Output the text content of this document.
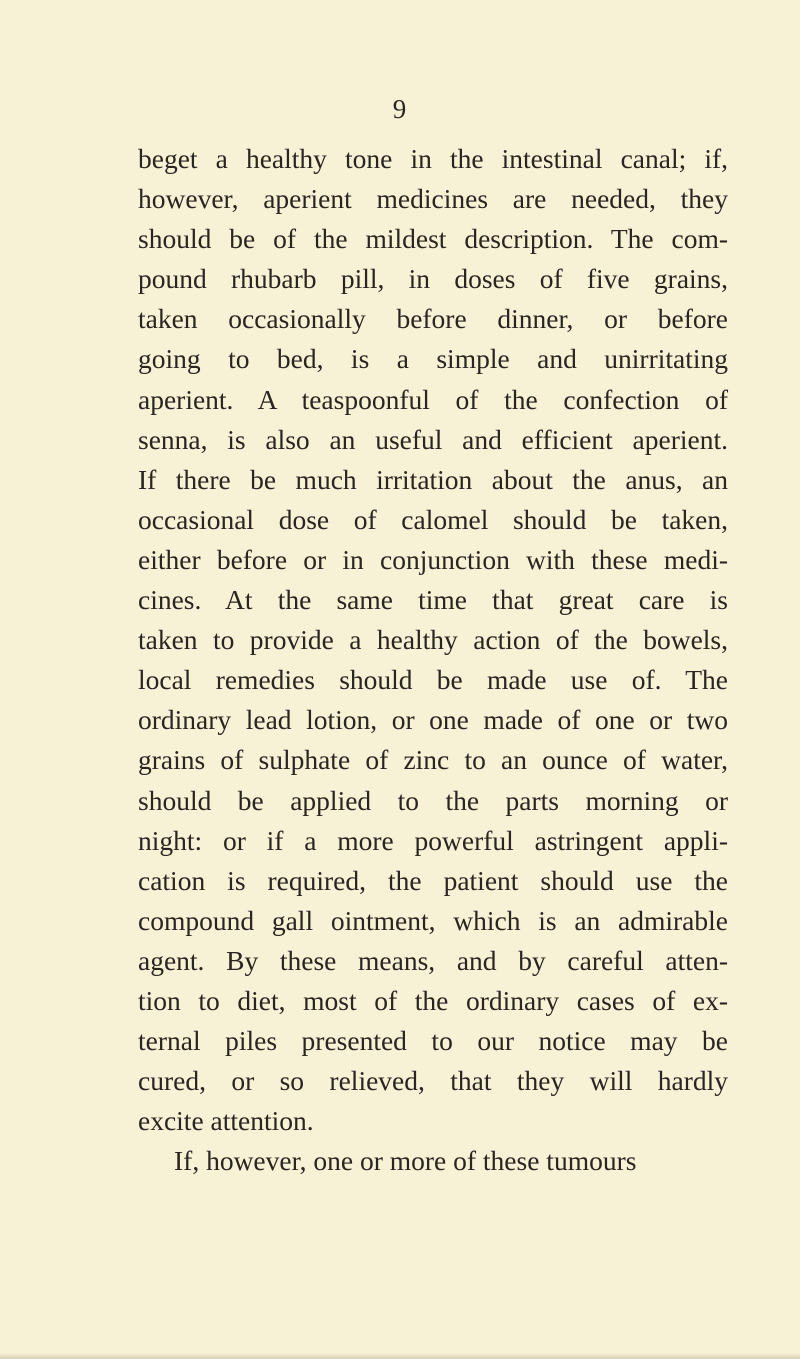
9
beget a healthy tone in the intestinal canal; if,
however, aperient medicines are needed, they
should be of the mildest description. The com-
pound rhubarb pill, in doses of five grains,
taken occasionally before dinner, or before
going to bed, is a simple and unirritating
aperient. A teaspoonful of the confection of
senna, is also an useful and efficient aperient.
If there be much irritation about the anus, an
occasional dose of calomel should be taken,
either before or in conjunction with these medi-
cines. At the same time that great care is
taken to provide a healthy action of the bowels,
local remedies should be made use of. The
ordinary lead lotion, or one made of one or two
grains of sulphate of zinc to an ounce of water,
should be applied to the parts morning or
night: or if a more powerful astringent appli-
cation is required, the patient should use the
compound gall ointment, which is an admirable
agent. By these means, and by careful atten-
tion to diet, most of the ordinary cases of ex-
ternal piles presented to our notice may be
cured, or so relieved, that they will hardly
excite attention.
If, however, one or more of these tumours
